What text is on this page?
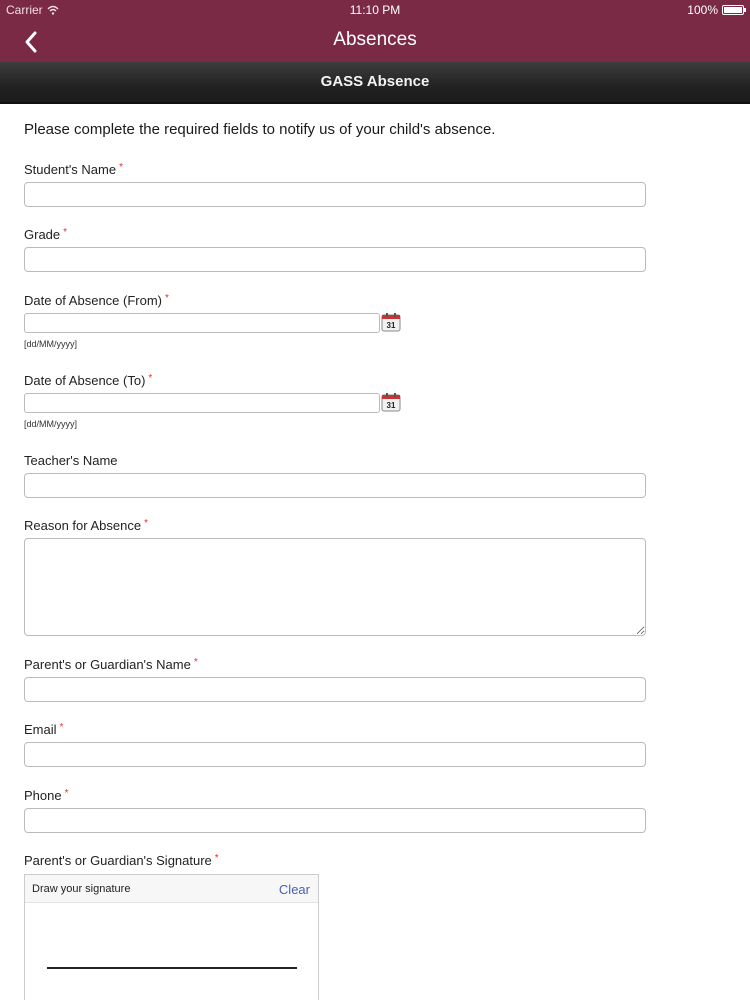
Carrier	11:10 PM	100%
Absences
GASS Absence
Please complete the required fields to notify us of your child's absence.
Student's Name *
Grade *
Date of Absence (From) *
31
[dd/MM/yyyy]
Date of Absence (To) *
31
[dd/MM/yyyy]
Teacher's Name
Reason for Absence *
Parent's or Guardian's Name *
Email *
Phone *
Parent's or Guardian's Signature *
Draw your signature	Clear
